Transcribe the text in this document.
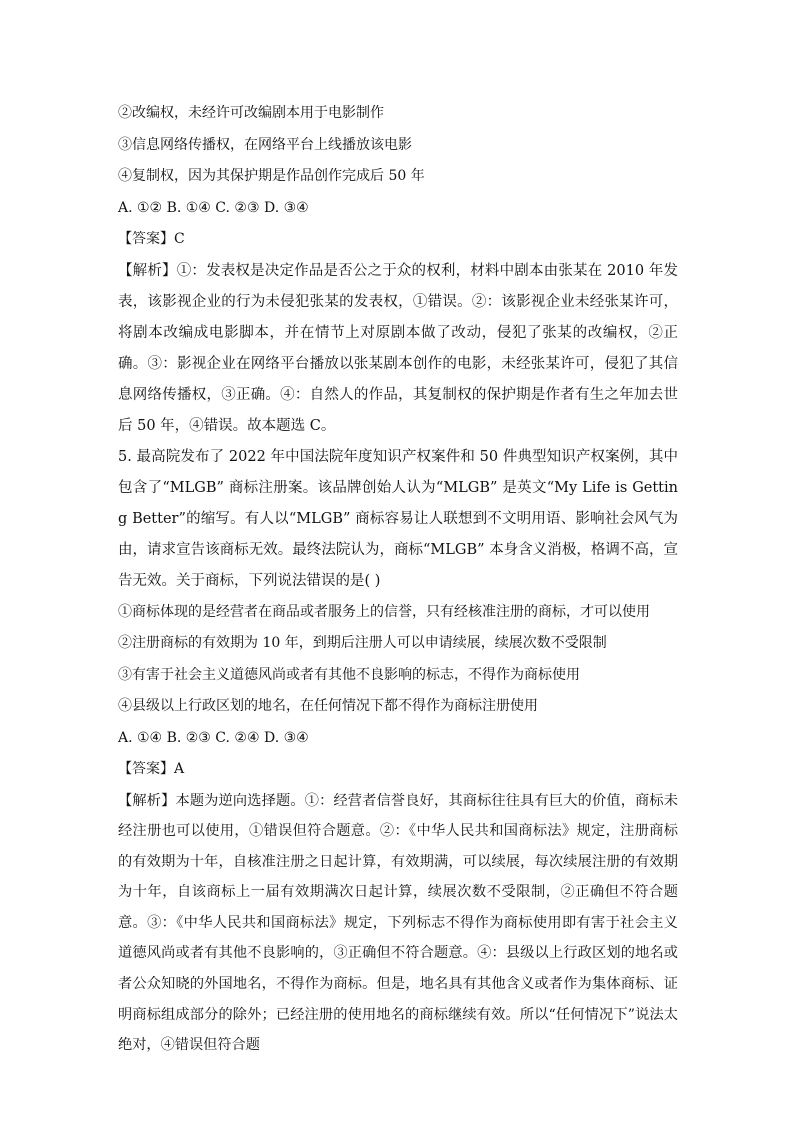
②改编权，未经许可改编剧本用于电影制作
③信息网络传播权，在网络平台上线播放该电影
④复制权，因为其保护期是作品创作完成后 50 年
A. ①② B. ①④ C. ②③ D. ③④
【答案】C
【解析】①：发表权是决定作品是否公之于众的权利，材料中剧本由张某在 2010 年发表，该影视企业的行为未侵犯张某的发表权，①错误。②：该影视企业未经张某许可，将剧本改编成电影脚本，并在情节上对原剧本做了改动，侵犯了张某的改编权，②正确。③：影视企业在网络平台播放以张某剧本创作的电影，未经张某许可，侵犯了其信息网络传播权，③正确。④：自然人的作品，其复制权的保护期是作者有生之年加去世后 50 年，④错误。故本题选 C。
5. 最高院发布了 2022 年中国法院年度知识产权案件和 50 件典型知识产权案例，其中包含了“MLGB” 商标注册案。该品牌创始人认为“MLGB” 是英文“My Life is Getting Better”的缩写。有人以“MLGB” 商标容易让人联想到不文明用语、影响社会风气为由，请求宣告该商标无效。最终法院认为，商标“MLGB” 本身含义消极，格调不高，宣告无效。关于商标，下列说法错误的是( )
①商标体现的是经营者在商品或者服务上的信誉，只有经核准注册的商标，才可以使用
②注册商标的有效期为 10 年，到期后注册人可以申请续展，续展次数不受限制
③有害于社会主义道德风尚或者有其他不良影响的标志，不得作为商标使用
④县级以上行政区划的地名，在任何情况下都不得作为商标注册使用
A. ①④ B. ②③ C. ②④ D. ③④
【答案】A
【解析】本题为逆向选择题。①：经营者信誉良好，其商标往往具有巨大的价值，商标未经注册也可以使用，①错误但符合题意。②：《中华人民共和国商标法》规定，注册商标的有效期为十年，自核准注册之日起计算，有效期满，可以续展，每次续展注册的有效期为十年，自该商标上一届有效期满次日起计算，续展次数不受限制，②正确但不符合题意。③：《中华人民共和国商标法》规定，下列标志不得作为商标使用即有害于社会主义道德风尚或者有其他不良影响的，③正确但不符合题意。④：县级以上行政区划的地名或者公众知晓的外国地名，不得作为商标。但是，地名具有其他含义或者作为集体商标、证明商标组成部分的除外；已经注册的使用地名的商标继续有效。所以“任何情况下”说法太绝对，④错误但符合题
